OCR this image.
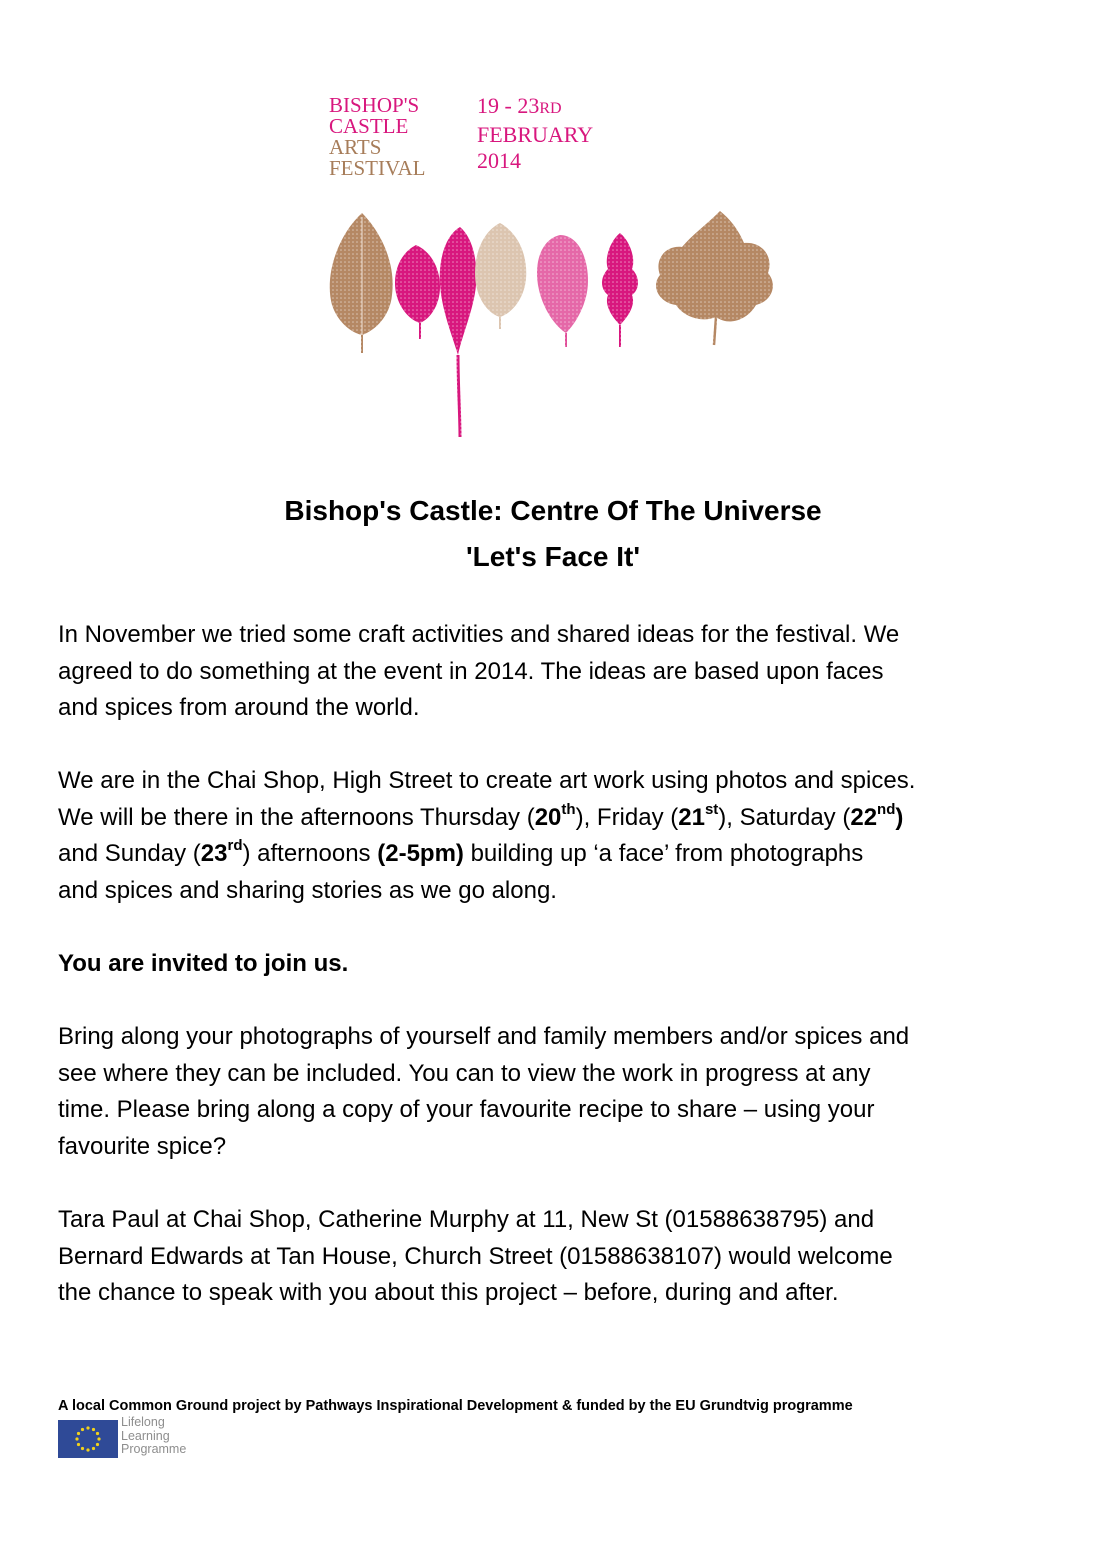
BISHOP'S
CASTLE
ARTS
FESTIVAL
19 - 23RD
FEBRUARY
2014
Bishop's Castle: Centre Of The Universe
'Let's Face It'

In November we tried some craft activities and shared ideas for the festival. We

agreed to do something at the event in 2014. The ideas are based upon faces

and spices from around the world.

We are in the Chai Shop, High Street to create art work using photos and spices.

We will be there in the afternoons Thursday (20th), Friday (21st), Saturday (22nd)

and Sunday (23rd) afternoons (2-5pm) building up ‘a face’ from photographs

and spices and sharing stories as we go along.

You are invited to join us.

Bring along your photographs of yourself and family members and/or spices and

see where they can be included. You can to view the work in progress at any

time. Please bring along a copy of your favourite recipe to share – using your

favourite spice?

Tara Paul at Chai Shop, Catherine Murphy at 11, New St (01588638795) and

Bernard Edwards at Tan House, Church Street (01588638107) would welcome

the chance to speak with you about this project – before, during and after.

A local Common Ground project by Pathways Inspirational Development & funded by the EU Grundtvig programme
Lifelong
Learning
Programme
